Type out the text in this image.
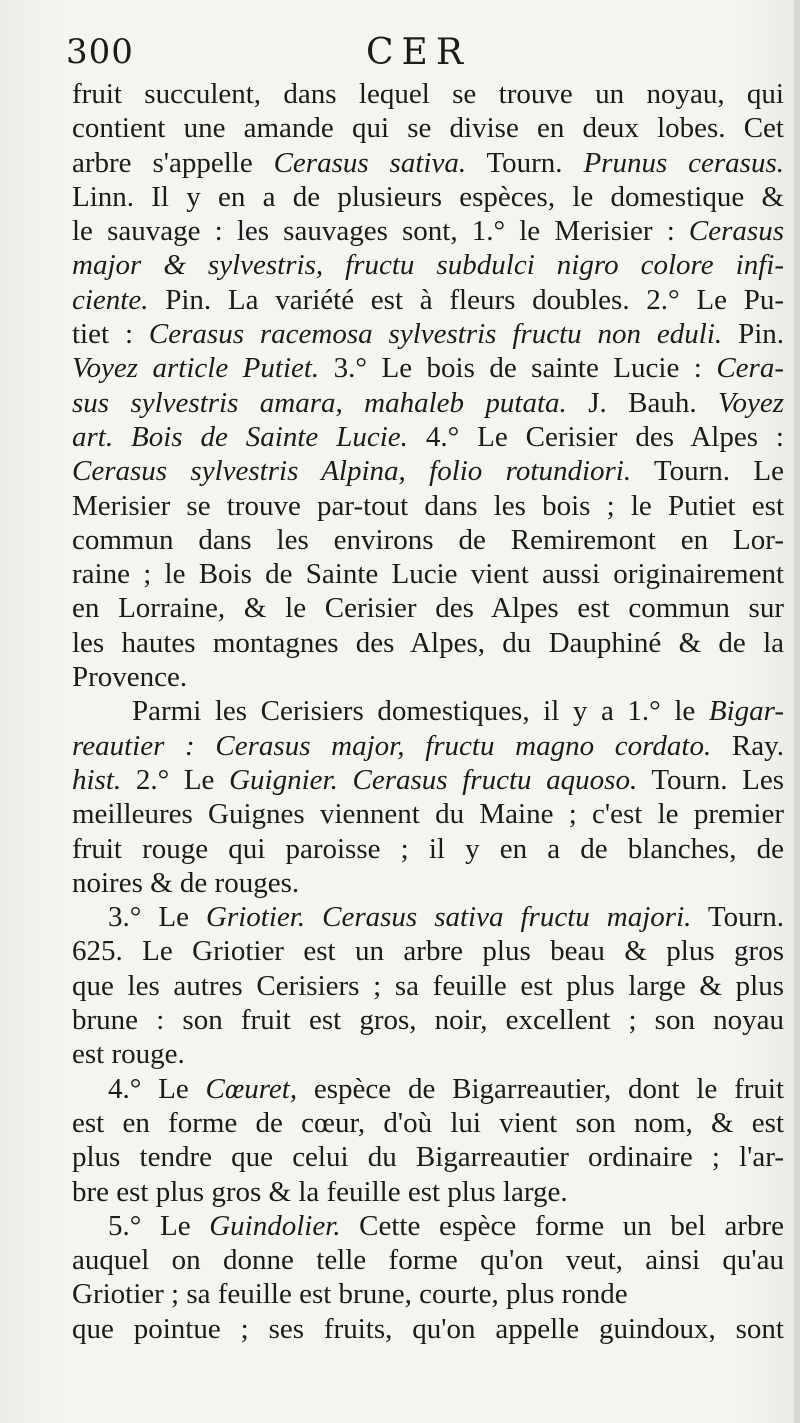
300	CER
fruit succulent, dans lequel se trouve un noyau, qui
contient une amande qui se divise en deux lobes. Cet
arbre s'appelle Cerasus sativa. Tourn. Prunus cerasus.
Linn. Il y en a de plusieurs espèces, le domestique &
le sauvage : les sauvages sont, 1.° le Merisier : Cerasus
major & sylvestris, fructu subdulci nigro colore infi-
ciente. Pin. La variété est à fleurs doubles. 2.° Le Pu-
tiet : Cerasus racemosa sylvestris fructu non eduli. Pin.
Voyez article Putiet. 3.° Le bois de sainte Lucie : Cera-
sus sylvestris amara, mahaleb putata. J. Bauh. Voyez
art. Bois de Sainte Lucie. 4.° Le Cerisier des Alpes :
Cerasus sylvestris Alpina, folio rotundiori. Tourn. Le
Merisier se trouve par-tout dans les bois ; le Putiet est
commun dans les environs de Remiremont en Lor-
raine ; le Bois de Sainte Lucie vient aussi originairement
en Lorraine, & le Cerisier des Alpes est commun sur
les hautes montagnes des Alpes, du Dauphiné & de la
Provence.
Parmi les Cerisiers domestiques, il y a 1.° le Bigar-
reautier : Cerasus major, fructu magno cordato. Ray.
hist. 2.° Le Guignier. Cerasus fructu aquoso. Tourn. Les
meilleures Guignes viennent du Maine ; c'est le premier
fruit rouge qui paroisse ; il y en a de blanches, de
noires & de rouges.
3.° Le Griotier. Cerasus sativa fructu majori. Tourn.
625. Le Griotier est un arbre plus beau & plus gros
que les autres Cerisiers ; sa feuille est plus large & plus
brune : son fruit est gros, noir, excellent ; son noyau
est rouge.
4.° Le Cœuret, espèce de Bigarreautier, dont le fruit
est en forme de cœur, d'où lui vient son nom, & est
plus tendre que celui du Bigarreautier ordinaire ; l'ar-
bre est plus gros & la feuille est plus large.
5.° Le Guindolier. Cette espèce forme un bel arbre
auquel on donne telle forme qu'on veut, ainsi qu'au
Griotier ; sa feuille est brune, courte, plus ronde
que pointue ; ses fruits, qu'on appelle guindoux, sont
